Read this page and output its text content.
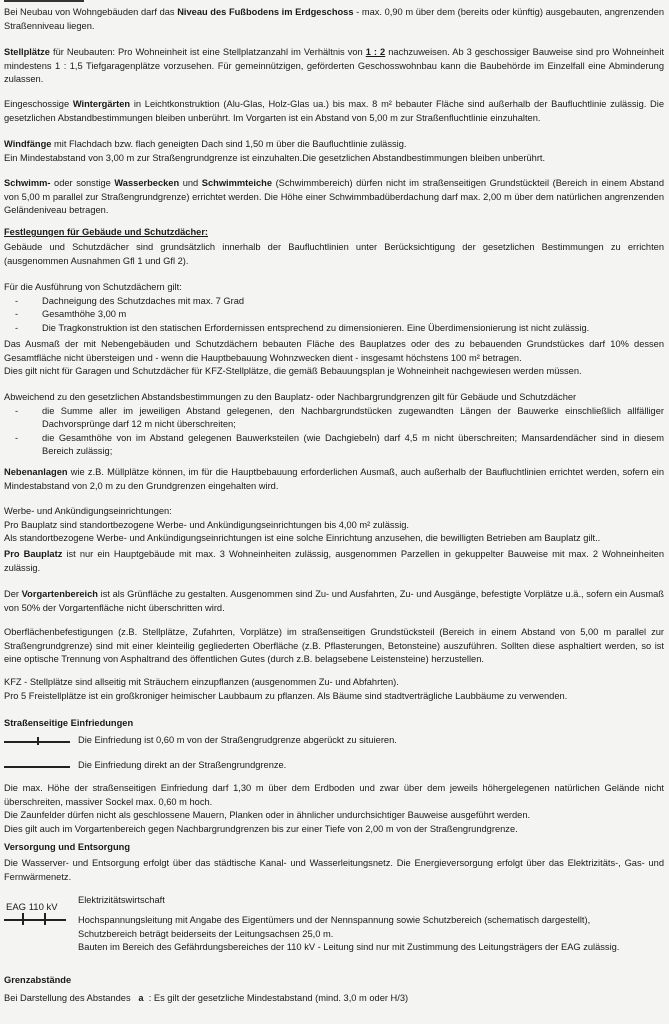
Bei Neubau von Wohngebäuden darf das Niveau des Fußbodens im Erdgeschoss - max. 0,90 m über dem (bereits oder künftig) ausgebauten, angrenzenden Straßenniveau liegen.

Stellplätze für Neubauten: Pro Wohneinheit ist eine Stellplatzanzahl im Verhältnis von 1 : 2 nachzuweisen. Ab 3 geschossiger Bauweise sind pro Wohneinheit mindestens 1 : 1,5 Tiefgaragenplätze vorzusehen. Für gemeinnützigen, geförderten Geschosswohnbau kann die Baubehörde im Einzelfall eine Abminderung zulassen.

Eingeschossige Wintergärten in Leichtkonstruktion (Alu-Glas, Holz-Glas ua.) bis max. 8 m² bebauter Fläche sind außerhalb der Baufluchtlinie zulässig. Die gesetzlichen Abstandbestimmungen bleiben unberührt. Im Vorgarten ist ein Abstand von 5,00 m zur Straßenfluchtlinie einzuhalten.

Windfänge mit Flachdach bzw. flach geneigten Dach sind 1,50 m über die Baufluchtlinie zulässig.

Ein Mindestabstand von 3,00 m zur Straßengrundgrenze ist einzuhalten.Die gesetzlichen Abstandbestimmungen bleiben unberührt.

Schwimm- oder sonstige Wasserbecken und Schwimmteiche (Schwimmbereich) dürfen nicht im straßenseitigen Grundstückteil (Bereich in einem Abstand von 5,00 m parallel zur Straßengrundgrenze) errichtet werden. Die Höhe einer Schwimmbadüberdachung darf max. 2,00 m über dem natürlichen angrenzenden Geländeniveau betragen.

Festlegungen für Gebäude und Schutzdächer:

Gebäude und Schutzdächer sind grundsätzlich innerhalb der Baufluchtlinien unter Berücksichtigung der gesetzlichen Bestimmungen zu errichten (ausgenommen Ausnahmen Gfl 1 und Gfl 2).

Für die Ausführung von Schutzdächern gilt:

-	Dachneigung des Schutzdaches mit max. 7 Grad
-	Gesamthöhe 3,00 m
-	Die Tragkonstruktion ist den statischen Erfordernissen entsprechend zu dimensionieren. Eine Überdimensionierung ist nicht zulässig.

Das Ausmaß der mit Nebengebäuden und Schutzdächern bebauten Fläche des Bauplatzes oder des zu bebauenden Grundstückes darf 10% dessen Gesamtfläche nicht übersteigen und - wenn die Hauptbebauung Wohnzwecken dient - insgesamt höchstens 100 m² betragen.

Dies gilt nicht für Garagen und Schutzdächer für KFZ-Stellplätze, die gemäß Bebauungsplan je Wohneinheit nachgewiesen werden müssen.

Abweichend zu den gesetzlichen Abstandsbestimmungen zu den Bauplatz- oder Nachbargrundgrenzen gilt für Gebäude und Schutzdächer

-	die Summe aller im jeweiligen Abstand gelegenen, den Nachbargrundstücken zugewandten Längen der Bauwerke einschließlich allfälliger Dachvorsprünge darf 12 m nicht überschreiten;
-	die Gesamthöhe von im Abstand gelegenen Bauwerksteilen (wie Dachgiebeln) darf 4,5 m nicht überschreiten; Mansardendächer sind in diesem Bereich zulässig;

Nebenanlagen wie z.B. Müllplätze können, im für die Hauptbebauung erforderlichen Ausmaß, auch außerhalb der Baufluchtlinien errichtet werden, sofern ein Mindestabstand von 2,0 m zu den Grundgrenzen eingehalten wird.

Werbe- und Ankündigungseinrichtungen:

Pro Bauplatz sind standortbezogene Werbe- und Ankündigungseinrichtungen bis 4,00 m² zulässig.

Als standortbezogene Werbe- und Ankündigungseinrichtungen ist eine solche Einrichtung anzusehen, die bewilligten Betrieben am Bauplatz gilt..

Pro Bauplatz ist nur ein Hauptgebäude mit max. 3 Wohneinheiten zulässig, ausgenommen Parzellen in gekuppelter Bauweise mit max. 2 Wohneinheiten zulässig.

Der Vorgartenbereich ist als Grünfläche zu gestalten. Ausgenommen sind Zu- und Ausfahrten, Zu- und Ausgänge, befestigte Vorplätze u.ä., sofern ein Ausmaß von 50% der Vorgartenfläche nicht überschritten wird.

Oberflächenbefestigungen (z.B. Stellplätze, Zufahrten, Vorplätze) im straßenseitigen Grundstücksteil (Bereich in einem Abstand von 5,00 m parallel zur Straßengrundgrenze) sind mit einer kleinteilig gegliederten Oberfläche (z.B. Pflasterungen, Betonsteine) auszuführen. Sollten diese asphaltiert werden, so ist eine optische Trennung von Asphaltrand des öffentlichen Gutes (durch z.B. belagsebene Leistensteine) herzustellen.

KFZ - Stellplätze sind allseitig mit Sträuchern einzupflanzen (ausgenommen Zu- und Abfahrten).

Pro 5 Freistellplätze ist ein großkroniger heimischer Laubbaum zu pflanzen. Als Bäume sind stadtverträgliche Laubbäume zu verwenden.

Straßenseitige Einfriedungen
Die Einfriedung ist 0,60 m von der Straßengrudgrenze abgerückt zu situieren.
Die Einfriedung direkt an der Straßengrundgrenze.

Die max. Höhe der straßenseitigen Einfriedung darf 1,30 m über dem Erdboden und zwar über dem jeweils höhergelegenen natürlichen Gelände nicht überschreiten, massiver Sockel max. 0,60 m hoch.

Die Zaunfelder dürfen nicht als geschlossene Mauern, Planken oder in ähnlicher undurchsichtiger Bauweise ausgeführt werden.

Dies gilt auch im Vorgartenbereich gegen Nachbargrundgrenzen bis zur einer Tiefe von 2,00 m von der Straßengrundgrenze.

Versorgung und Entsorgung

Die Wasserver- und Entsorgung erfolgt über das städtische Kanal- und Wasserleitungsnetz. Die Energieversorgung erfolgt über das Elektrizitäts-, Gas- und Fernwärmenetz.

Elektrizitätswirtschaft

EAG 110 kV

Hochspannungsleitung mit Angabe des Eigentümers und der Nennspannung sowie Schutzbereich (schematisch dargestellt),

Schutzbereich beträgt beiderseits der Leitungsachsen 25,0 m.

Bauten im Bereich des Gefährdungsbereiches der 110 kV - Leitung sind nur mit Zustimmung des Leitungsträgers der EAG zulässig.

Grenzabstände

Bei Darstellung des Abstandes   a  : Es gilt der gesetzliche Mindestabstand (mind. 3,0 m oder H/3)
